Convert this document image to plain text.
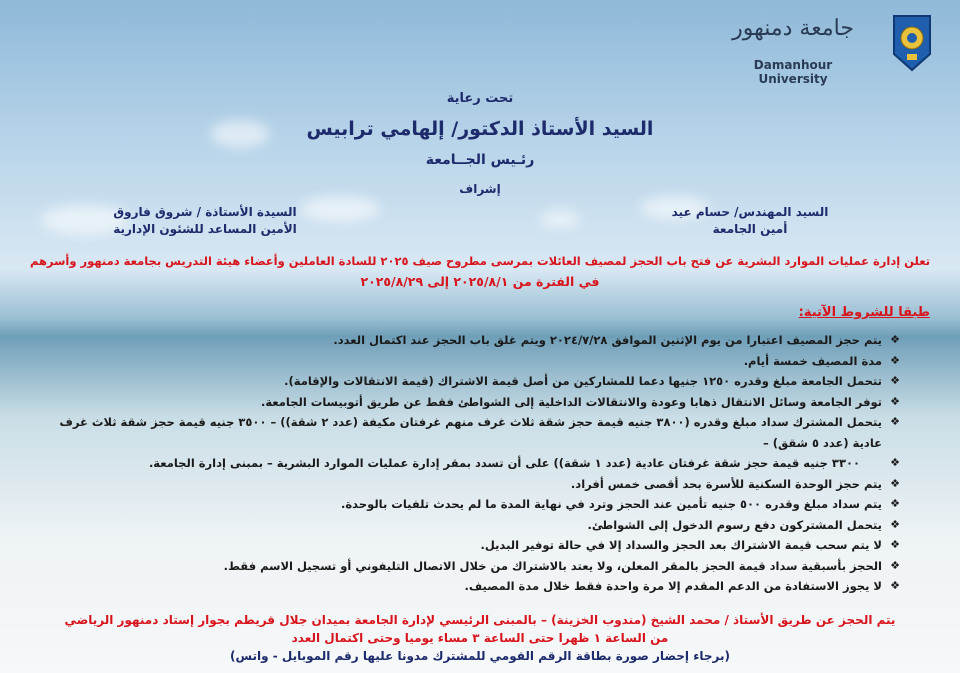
جامعة دمنهور
Damanhour University
تحت رعاية
السيد الأستاذ الدكتور/ إلهامي ترابيس
رئـيس الجــامعة
إشراف
السيد المهندس/ حسام عيد
أمين الجامعة
السيدة الأستاذة / شروق فاروق
الأمين المساعد للشئون الإدارية
تعلن إدارة عمليات الموارد البشرية عن فتح باب الحجز لمصيف العائلات بمرسى مطروح صيف ٢٠٢٥ للسادة العاملين وأعضاء هيئة التدريس بجامعة دمنهور وأسرهم
في الفترة من ٢٠٢٥/٨/١ إلى ٢٠٢٥/٨/٢٩
طبقا للشروط الآتية:
❖ يتم حجز المصيف اعتبارا من يوم الإثنين الموافق ٢٠٢٤/٧/٢٨ ويتم غلق باب الحجز عند اكتمال العدد.
❖ مدة المصيف خمسة أيام.
❖ تتحمل الجامعة مبلغ وقدره ١٢٥٠ جنيها دعما للمشاركين من أصل قيمة الاشتراك (قيمة الانتقالات والإقامة).
❖ توفر الجامعة وسائل الانتقال ذهابا وعودة والانتقالات الداخلية إلى الشواطئ فقط عن طريق أتوبيسات الجامعة.
❖ يتحمل المشترك سداد مبلغ وقدره (٣٨٠٠ جنيه قيمة حجز شقة ثلاث غرف منهم غرفتان مكيفة (عدد ٢ شقة)) – ٣٥٠٠ جنيه قيمة حجز شقة ثلاث غرف عادية (عدد ٥ شقق) –
❖ ٣٣٠٠ جنيه قيمة حجز شقة غرفتان عادية (عدد ١ شقة)) على أن تسدد بمقر إدارة عمليات الموارد البشرية – بمبنى إدارة الجامعة.
❖ يتم حجز الوحدة السكنية للأسرة بحد أقصى خمس أفراد.
❖ يتم سداد مبلغ وقدره ٥٠٠ جنيه تأمين عند الحجز وترد في نهاية المدة ما لم يحدث تلفيات بالوحدة.
❖ يتحمل المشتركون دفع رسوم الدخول إلى الشواطئ.
❖ لا يتم سحب قيمة الاشتراك بعد الحجز والسداد إلا في حالة توفير البديل.
❖ الحجز بأسبقية سداد قيمة الحجز بالمقر المعلن، ولا يعتد بالاشتراك من خلال الاتصال التليفوني أو تسجيل الاسم فقط.
❖ لا يجوز الاستفادة من الدعم المقدم إلا مرة واحدة فقط خلال مدة المصيف.
يتم الحجز عن طريق الأستاذ / محمد الشيخ (مندوب الخزينة) – بالمبنى الرئيسي لإدارة الجامعة بميدان جلال قريطم بجوار إستاد دمنهور الرياضي
من الساعة ١ ظهرا حتى الساعة ٣ مساء يوميا وحتى اكتمال العدد
(برجاء إحضار صورة بطاقة الرقم القومي للمشترك مدونا عليها رقم الموبايل - واتس)
